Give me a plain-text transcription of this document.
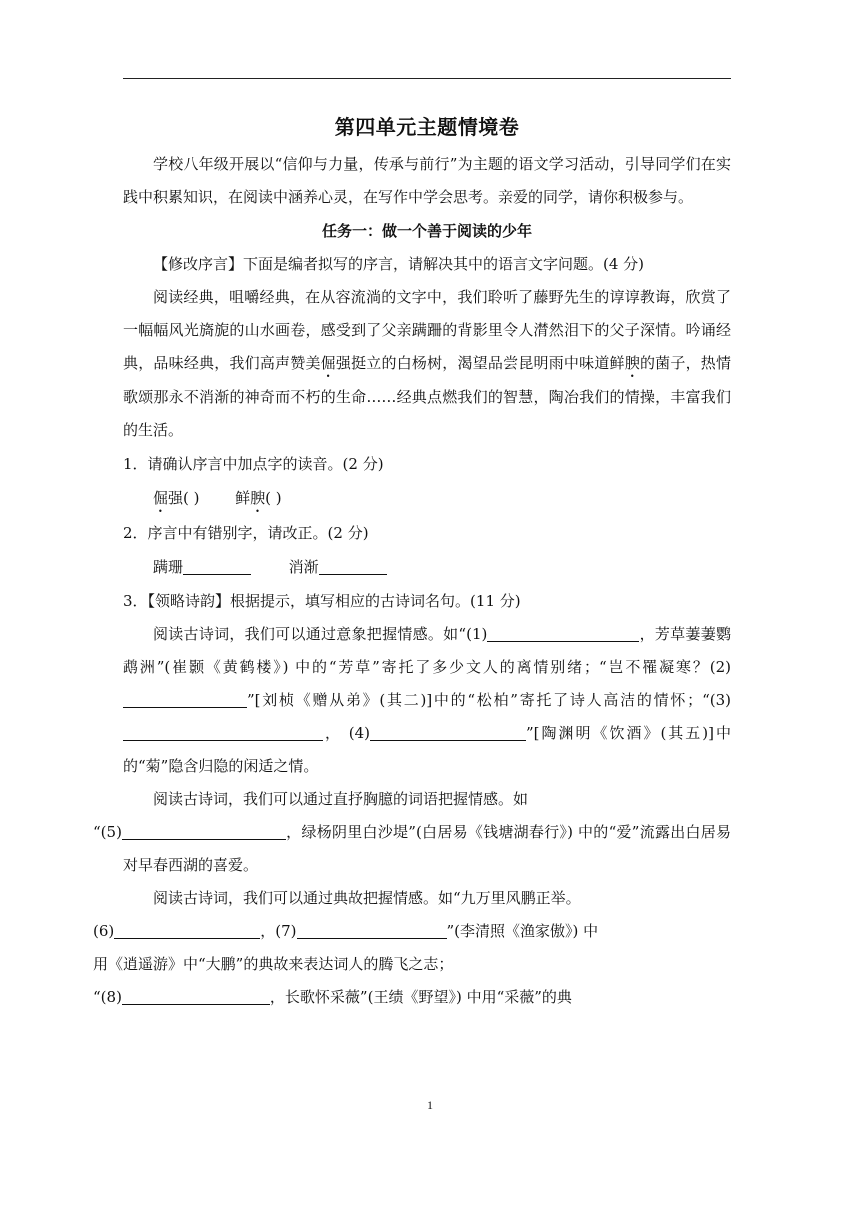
第四单元主题情境卷

学校八年级开展以“信仰与力量，传承与前行”为主题的语文学习活动，引导同学们在实践中积累知识，在阅读中涵养心灵，在写作中学会思考。亲爱的同学，请你积极参与。

任务一：做一个善于阅读的少年

【修改序言】下面是编者拟写的序言，请解决其中的语言文字问题。(4 分)

阅读经典，咀嚼经典，在从容流淌的文字中，我们聆听了藤野先生的谆谆教诲，欣赏了一幅幅风光旖旎的山水画卷，感受到了父亲蹒跚的背影里令人潸然泪下的父子深情。吟诵经典，品味经典，我们高声赞美倔强挺立的白杨树，渴望品尝昆明雨中味道鲜腴的菌子，热情歌颂那永不消渐的神奇而不朽的生命……经典点燃我们的智慧，陶冶我们的情操，丰富我们的生活。

1．请确认序言中加点字的读音。(2 分)

倔强( ) 鲜腴( )

2．序言中有错别字，请改正。(2 分)

蹒珊	消渐

3．【领略诗韵】根据提示，填写相应的古诗词名句。(11 分)

阅读古诗词，我们可以通过意象把握情感。如“(1)	，芳草萋萋鹦鹉洲”(崔颢《黄鹤楼》) 中的“芳草”寄托了多少文人的离情别绪；“岂不罹凝寒？(2)”[刘桢《赠从弟》(其二)]中的“松柏”寄托了诗人高洁的情怀；“(3)， (4)	”[陶渊明《饮酒》(其五)]中的“菊”隐含归隐的闲适之情。

阅读古诗词，我们可以通过直抒胸臆的词语把握情感。如
“(5)	，绿杨阴里白沙堤”(白居易《钱塘湖春行》) 中的“爱”流露出白居易对早春西湖的喜爱。

阅读古诗词，我们可以通过典故把握情感。如“九万里风鹏正举。
(6)	，(7)	”(李清照《渔家傲》) 中
用《逍遥游》中“大鹏”的典故来表达词人的腾飞之志；
“(8)	，长歌怀采薇”(王绩《野望》) 中用“采薇”的典

1
